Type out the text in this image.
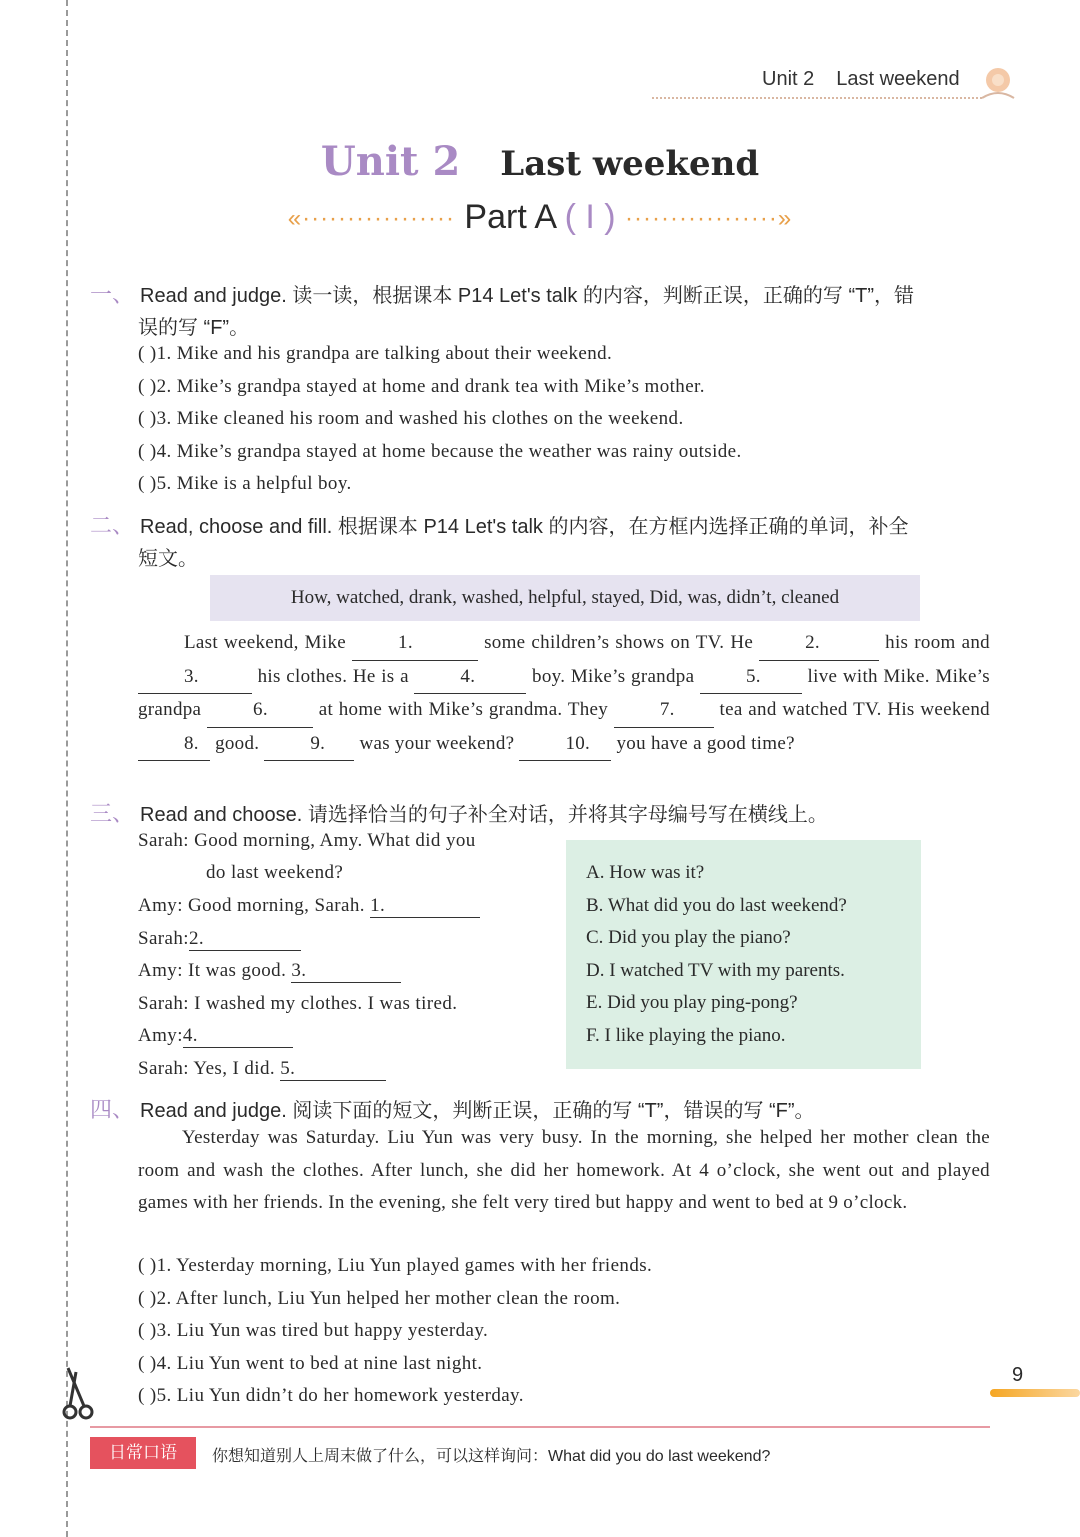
Unit 2 Last weekend
Unit 2 Last weekend
«················· Part A ( I ) ·················»
一、 Read and judge. 读一读，根据课本 P14 Let's talk 的内容，判断正误，正确的写 “T”，错
误的写 “F”。
( )1. Mike and his grandpa are talking about their weekend.
( )2. Mike’s grandpa stayed at home and drank tea with Mike’s mother.
( )3. Mike cleaned his room and washed his clothes on the weekend.
( )4. Mike’s grandpa stayed at home because the weather was rainy outside.
( )5. Mike is a helpful boy.
二、 Read, choose and fill. 根据课本 P14 Let's talk 的内容，在方框内选择正确的单词，补全
短文。
How, watched, drank, washed, helpful, stayed, Did, was, didn’t, cleaned
Last weekend, Mike	1.	some children’s shows on TV. He	2.	his room and 3.	his clothes. He is a	4.	boy. Mike’s grandpa	5. live with Mike. Mike’s grandpa	6.	at home with Mike’s grandma. They	7. tea and watched TV. His weekend 8. good.	9. was your weekend?	10. you have a good time?
三、 Read and choose. 请选择恰当的句子补全对话，并将其字母编号写在横线上。
Sarah: Good morning, Amy. What did you
do last weekend?
Amy: Good morning, Sarah. 1.
Sarah:2.
Amy: It was good. 3.
Sarah: I washed my clothes. I was tired.
Amy:4.
Sarah: Yes, I did. 5.
A. How was it?
B. What did you do last weekend?
C. Did you play the piano?
D. I watched TV with my parents.
E. Did you play ping-pong?
F. I like playing the piano.
四、 Read and judge. 阅读下面的短文，判断正误，正确的写 “T”，错误的写 “F”。
Yesterday was Saturday. Liu Yun was very busy. In the morning, she helped her mother clean the room and wash the clothes. After lunch, she did her homework. At 4 o’clock, she went out and played games with her friends. In the evening, she felt very tired but happy and went to bed at 9 o’clock.
( )1. Yesterday morning, Liu Yun played games with her friends.
( )2. After lunch, Liu Yun helped her mother clean the room.
( )3. Liu Yun was tired but happy yesterday.
( )4. Liu Yun went to bed at nine last night.
( )5. Liu Yun didn’t do her homework yesterday.
9
日常口语	你想知道别人上周末做了什么，可以这样询问：What did you do last weekend?
